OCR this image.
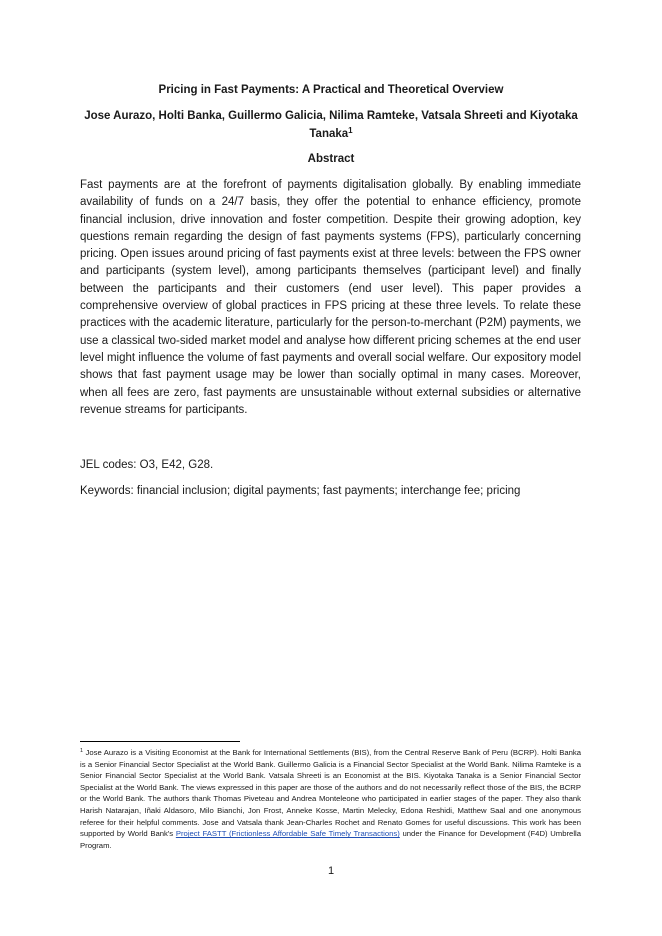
Pricing in Fast Payments: A Practical and Theoretical Overview
Jose Aurazo, Holti Banka, Guillermo Galicia, Nilima Ramteke, Vatsala Shreeti and Kiyotaka Tanaka$^1$
Abstract

Fast payments are at the forefront of payments digitalisation globally. By enabling immediate availability of funds on a 24/7 basis, they offer the potential to enhance efficiency, promote financial inclusion, drive innovation and foster competition. Despite their growing adoption, key questions remain regarding the design of fast payments systems (FPS), particularly concerning pricing. Open issues around pricing of fast payments exist at three levels: between the FPS owner and participants (system level), among participants themselves (participant level) and finally between the participants and their customers (end user level). This paper provides a comprehensive overview of global practices in FPS pricing at these three levels. To relate these practices with the academic literature, particularly for the person-to-merchant (P2M) payments, we use a classical two-sided market model and analyse how different pricing schemes at the end user level might influence the volume of fast payments and overall social welfare. Our expository model shows that fast payment usage may be lower than socially optimal in many cases. Moreover, when all fees are zero, fast payments are unsustainable without external subsidies or alternative revenue streams for participants.

JEL codes: O3, E42, G28.

Keywords: financial inclusion; digital payments; fast payments; interchange fee; pricing

$^1$ Jose Aurazo is a Visiting Economist at the Bank for International Settlements (BIS), from the Central Reserve Bank of Peru (BCRP). Holti Banka is a Senior Financial Sector Specialist at the World Bank. Guillermo Galicia is a Financial Sector Specialist at the World Bank. Nilima Ramteke is a Senior Financial Sector Specialist at the World Bank. Vatsala Shreeti is an Economist at the BIS. Kiyotaka Tanaka is a Senior Financial Sector Specialist at the World Bank. The views expressed in this paper are those of the authors and do not necessarily reflect those of the BIS, the BCRP or the World Bank. The authors thank Thomas Piveteau and Andrea Monteleone who participated in earlier stages of the paper. They also thank Harish Natarajan, Iñaki Aldasoro, Milo Bianchi, Jon Frost, Anneke Kosse, Martin Melecky, Edona Reshidi, Matthew Saal and one anonymous referee for their helpful comments. Jose and Vatsala thank Jean-Charles Rochet and Renato Gomes for useful discussions. This work has been supported by World Bank's Project FASTT (Frictionless Affordable Safe Timely Transactions) under the Finance for Development (F4D) Umbrella Program.

1
